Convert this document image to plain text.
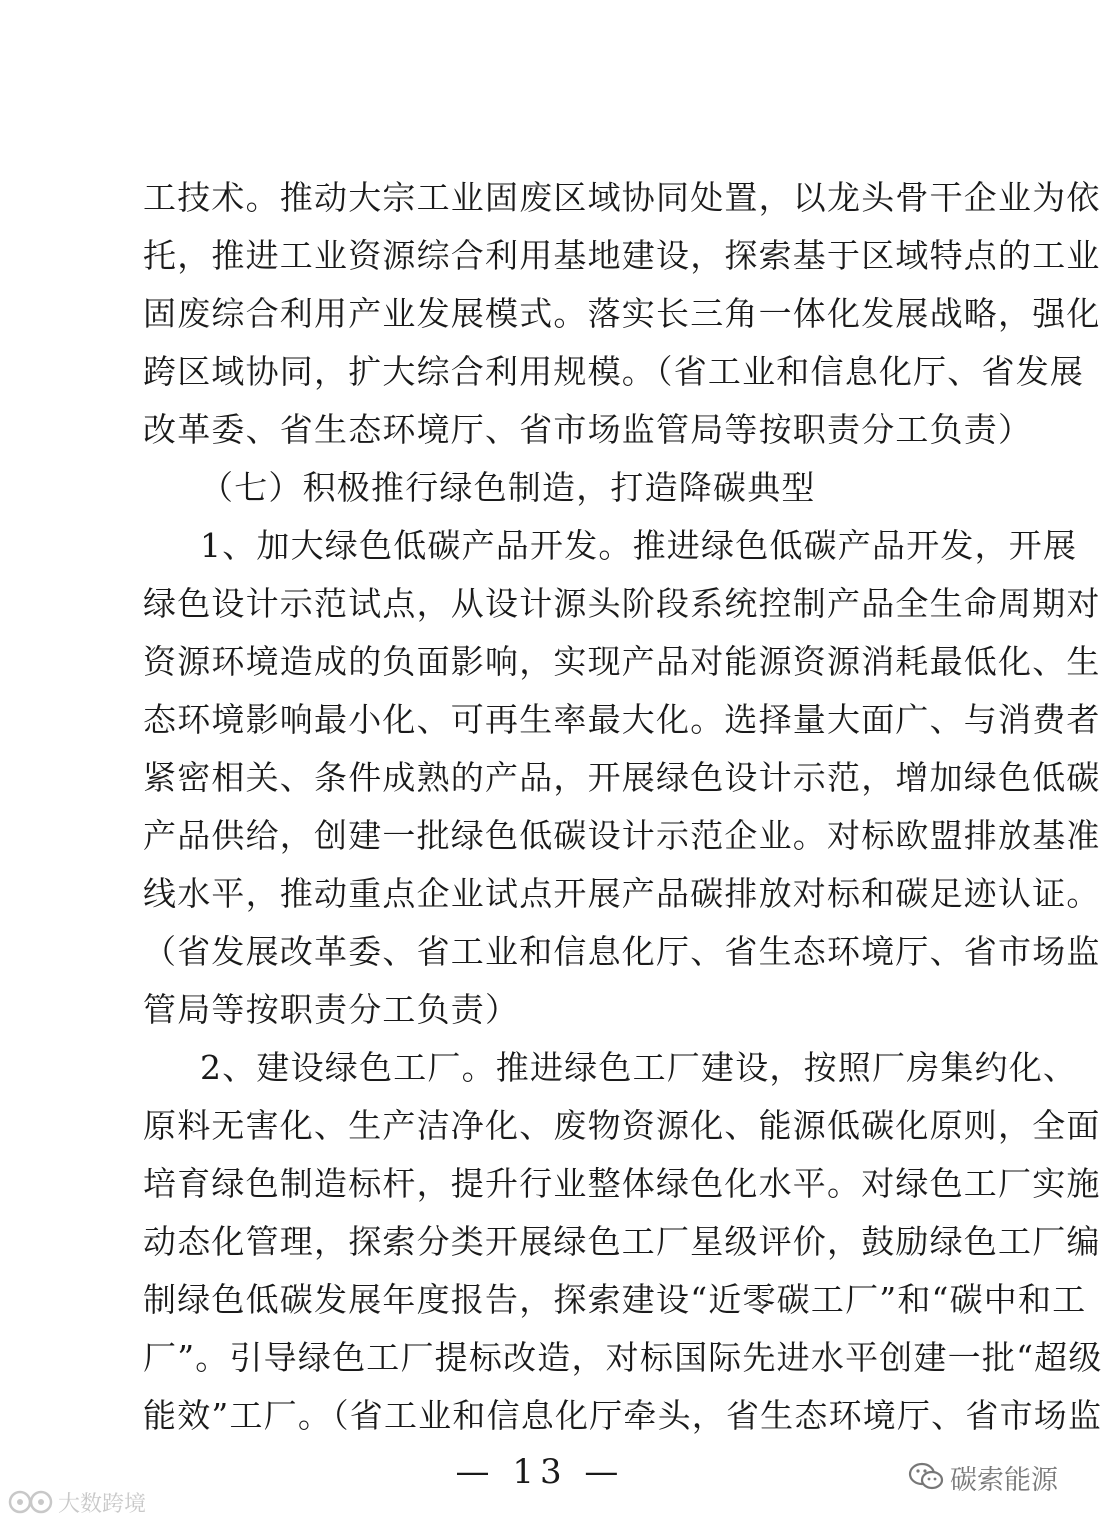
工技术。推动大宗工业固废区域协同处置，以龙头骨干企业为依
托，推进工业资源综合利用基地建设，探索基于区域特点的工业
固废综合利用产业发展模式。落实长三角一体化发展战略，强化
跨区域协同，扩大综合利用规模。（省工业和信息化厅、省发展
改革委、省生态环境厅、省市场监管局等按职责分工负责）
（七）积极推行绿色制造，打造降碳典型
1、加大绿色低碳产品开发。推进绿色低碳产品开发，开展
绿色设计示范试点，从设计源头阶段系统控制产品全生命周期对
资源环境造成的负面影响，实现产品对能源资源消耗最低化、生
态环境影响最小化、可再生率最大化。选择量大面广、与消费者
紧密相关、条件成熟的产品，开展绿色设计示范，增加绿色低碳
产品供给，创建一批绿色低碳设计示范企业。对标欧盟排放基准
线水平，推动重点企业试点开展产品碳排放对标和碳足迹认证。
（省发展改革委、省工业和信息化厅、省生态环境厅、省市场监
管局等按职责分工负责）
2、建设绿色工厂。推进绿色工厂建设，按照厂房集约化、
原料无害化、生产洁净化、废物资源化、能源低碳化原则，全面
培育绿色制造标杆，提升行业整体绿色化水平。对绿色工厂实施
动态化管理，探索分类开展绿色工厂星级评价，鼓励绿色工厂编
制绿色低碳发展年度报告，探索建设“近零碳工厂”和“碳中和工
厂”。引导绿色工厂提标改造，对标国际先进水平创建一批“超级
能效”工厂。（省工业和信息化厅牵头，省生态环境厅、省市场监
— 13 —
大数跨境
碳索能源
